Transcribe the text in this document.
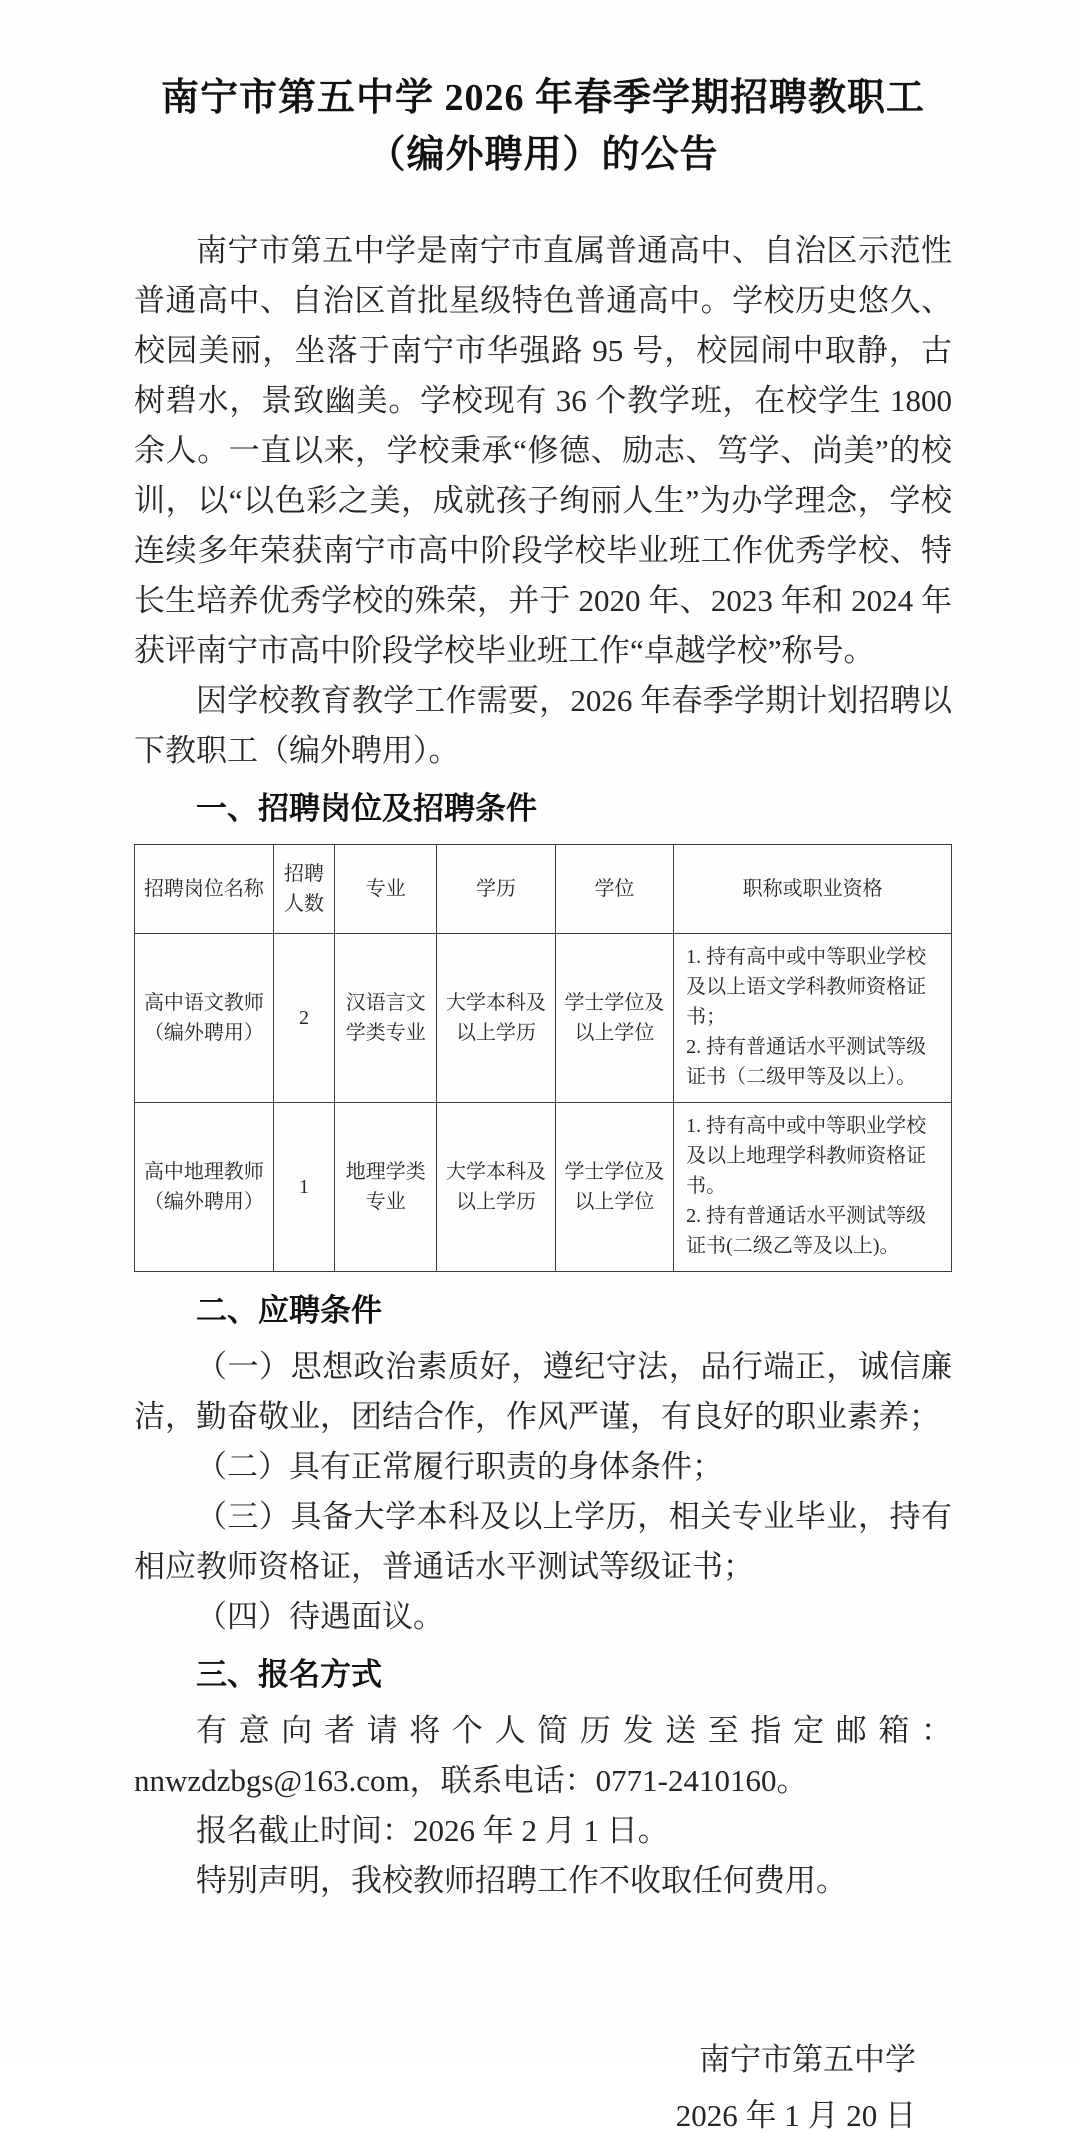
南宁市第五中学 2026 年春季学期招聘教职工
（编外聘用）的公告

南宁市第五中学是南宁市直属普通高中、自治区示范性普通高中、自治区首批星级特色普通高中。学校历史悠久、校园美丽，坐落于南宁市华强路 95 号，校园闹中取静，古树碧水，景致幽美。学校现有 36 个教学班，在校学生 1800 余人。一直以来，学校秉承“修德、励志、笃学、尚美”的校训，以“以色彩之美，成就孩子绚丽人生”为办学理念，学校连续多年荣获南宁市高中阶段学校毕业班工作优秀学校、特长生培养优秀学校的殊荣，并于 2020 年、2023 年和 2024 年获评南宁市高中阶段学校毕业班工作“卓越学校”称号。

因学校教育教学工作需要，2026 年春季学期计划招聘以下教职工（编外聘用）。

一、招聘岗位及招聘条件
招聘岗位名称	招聘人数	专业	学历	学位	职称或职业资格

高中语文教师
（编外聘用）
	2	汉语言文学类专业	大学本科及以上学历	学士学位及以上学位	
1. 持有高中或中等职业学校及以上语文学科教师资格证书；
2. 持有普通话水平测试等级证书（二级甲等及以上）。

高中地理教师
（编外聘用）
	1	地理学类专业	大学本科及以上学历	学士学位及以上学位	
1. 持有高中或中等职业学校及以上地理学科教师资格证书。
2. 持有普通话水平测试等级证书(二级乙等及以上)。
二、应聘条件

（一）思想政治素质好，遵纪守法，品行端正，诚信廉洁，勤奋敬业，团结合作，作风严谨，有良好的职业素养；

（二）具有正常履行职责的身体条件；

（三）具备大学本科及以上学历，相关专业毕业，持有相应教师资格证，普通话水平测试等级证书；

（四）待遇面议。

三、报名方式

有意向者请将个人简历发送至指定邮箱：nnwzdzbgs@163.com，联系电话：0771-2410160。

报名截止时间：2026 年 2 月 1 日。

特别声明，我校教师招聘工作不收取任何费用。

南宁市第五中学
2026 年 1 月 20 日
